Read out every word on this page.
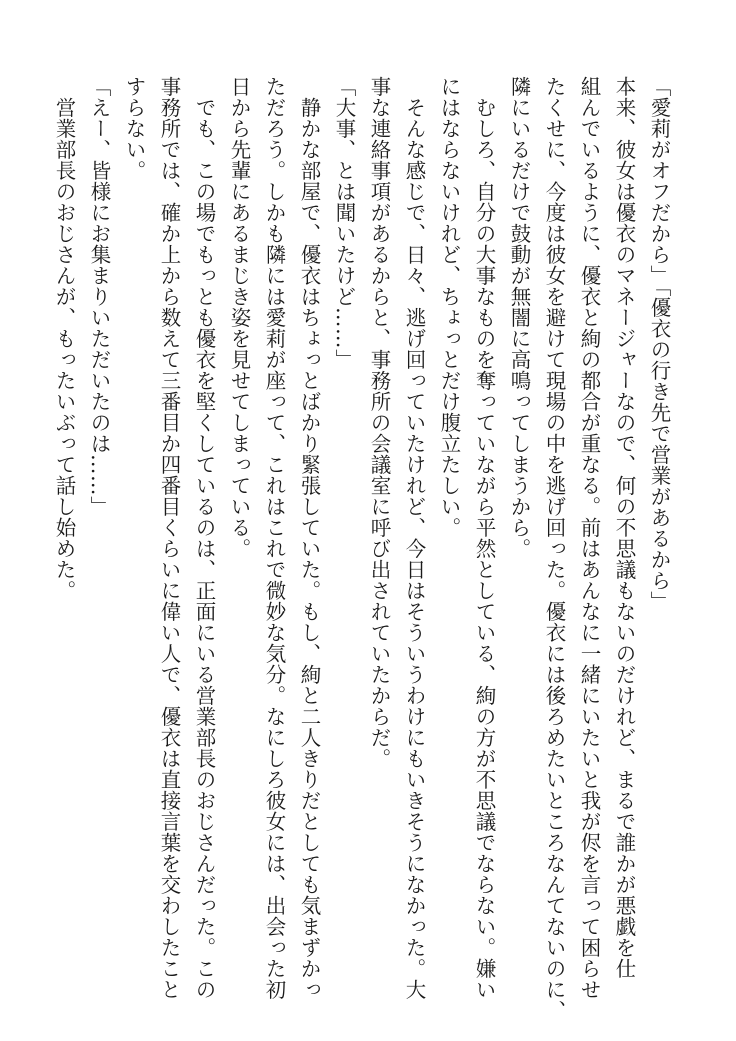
「愛莉がオフだから」「優衣の行き先で営業があるから」
本来、彼女は優衣のマネージャーなので、何の不思議もないのだけれど、まるで誰かが悪戯を仕
組んでいるように、優衣と絢の都合が重なる。前はあんなに一緒にいたいと我が侭を言って困らせ
たくせに、今度は彼女を避けて現場の中を逃げ回った。優衣には後ろめたいところなんてないのに、
隣にいるだけで鼓動が無闇に高鳴ってしまうから。
　むしろ、自分の大事なものを奪っていながら平然としている、絢の方が不思議でならない。嫌い
にはならないけれど、ちょっとだけ腹立たしい。
　そんな感じで、日々、逃げ回っていたけれど、今日はそういうわけにもいきそうになかった。大
事な連絡事項があるからと、事務所の会議室に呼び出されていたからだ。
「大事、とは聞いたけど……」
　静かな部屋で、優衣はちょっとばかり緊張していた。もし、絢と二人きりだとしても気まずかっ
ただろう。しかも隣には愛莉が座って、これはこれで微妙な気分。なにしろ彼女には、出会った初
日から先輩にあるまじき姿を見せてしまっている。
　でも、この場でもっとも優衣を堅くしているのは、正面にいる営業部長のおじさんだった。この
事務所では、確か上から数えて三番目か四番目くらいに偉い人で、優衣は直接言葉を交わしたこと
すらない。
「えー、皆様にお集まりいただいたのは……」
　営業部長のおじさんが、もったいぶって話し始めた。
